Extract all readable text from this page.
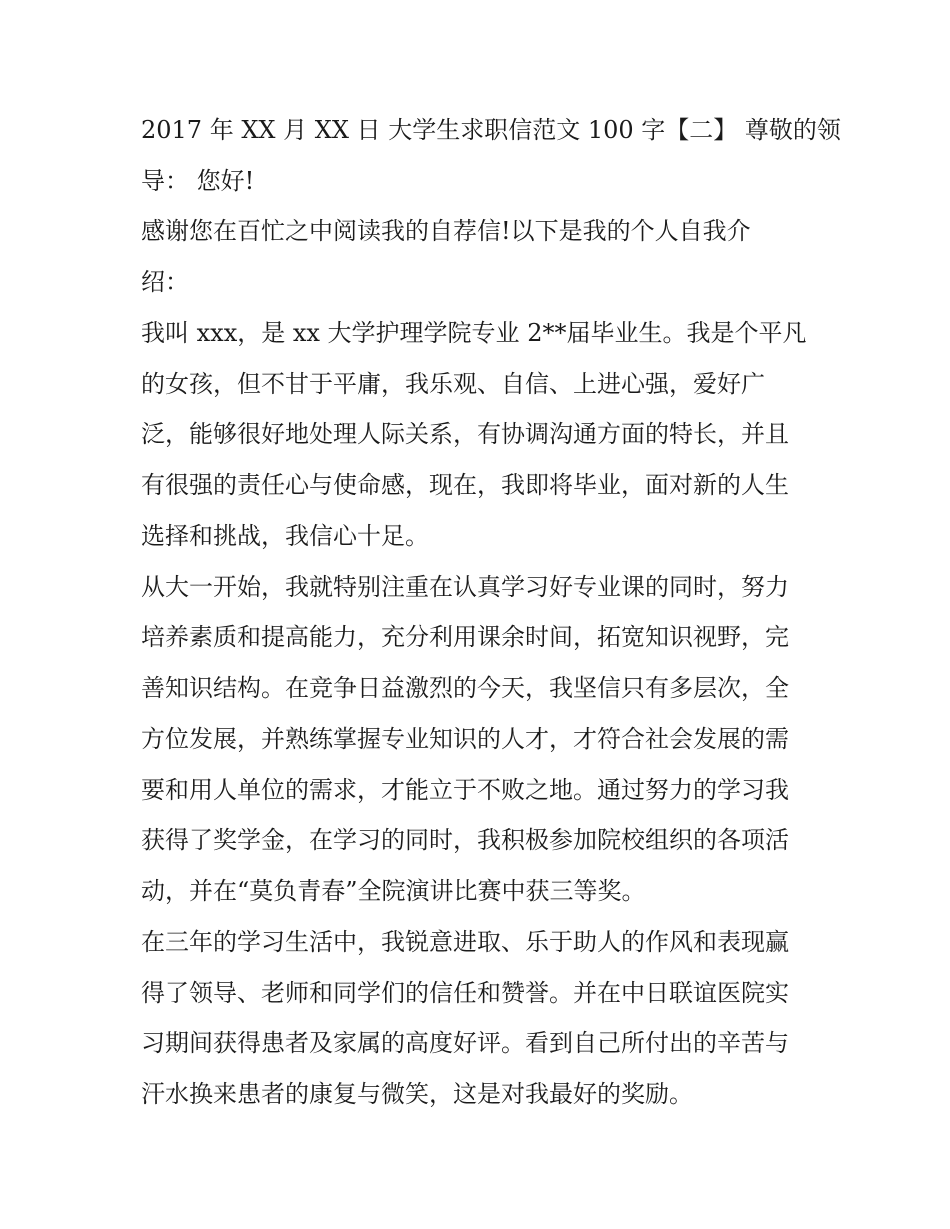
2017 年 XX 月 XX 日 大学生求职信范文 100 字【二】 尊敬的领
导： 您好!
感谢您在百忙之中阅读我的自荐信!以下是我的个人自我介
绍：
我叫 xxx，是 xx 大学护理学院专业 2**届毕业生。我是个平凡
的女孩，但不甘于平庸，我乐观、自信、上进心强，爱好广
泛，能够很好地处理人际关系，有协调沟通方面的特长，并且
有很强的责任心与使命感，现在，我即将毕业，面对新的人生
选择和挑战，我信心十足。
从大一开始，我就特别注重在认真学习好专业课的同时，努力
培养素质和提高能力，充分利用课余时间，拓宽知识视野，完
善知识结构。在竞争日益激烈的今天，我坚信只有多层次，全
方位发展，并熟练掌握专业知识的人才，才符合社会发展的需
要和用人单位的需求，才能立于不败之地。通过努力的学习我
获得了奖学金，在学习的同时，我积极参加院校组织的各项活
动，并在“莫负青春”全院演讲比赛中获三等奖。
在三年的学习生活中，我锐意进取、乐于助人的作风和表现赢
得了领导、老师和同学们的信任和赞誉。并在中日联谊医院实
习期间获得患者及家属的高度好评。看到自己所付出的辛苦与
汗水换来患者的康复与微笑，这是对我最好的奖励。
